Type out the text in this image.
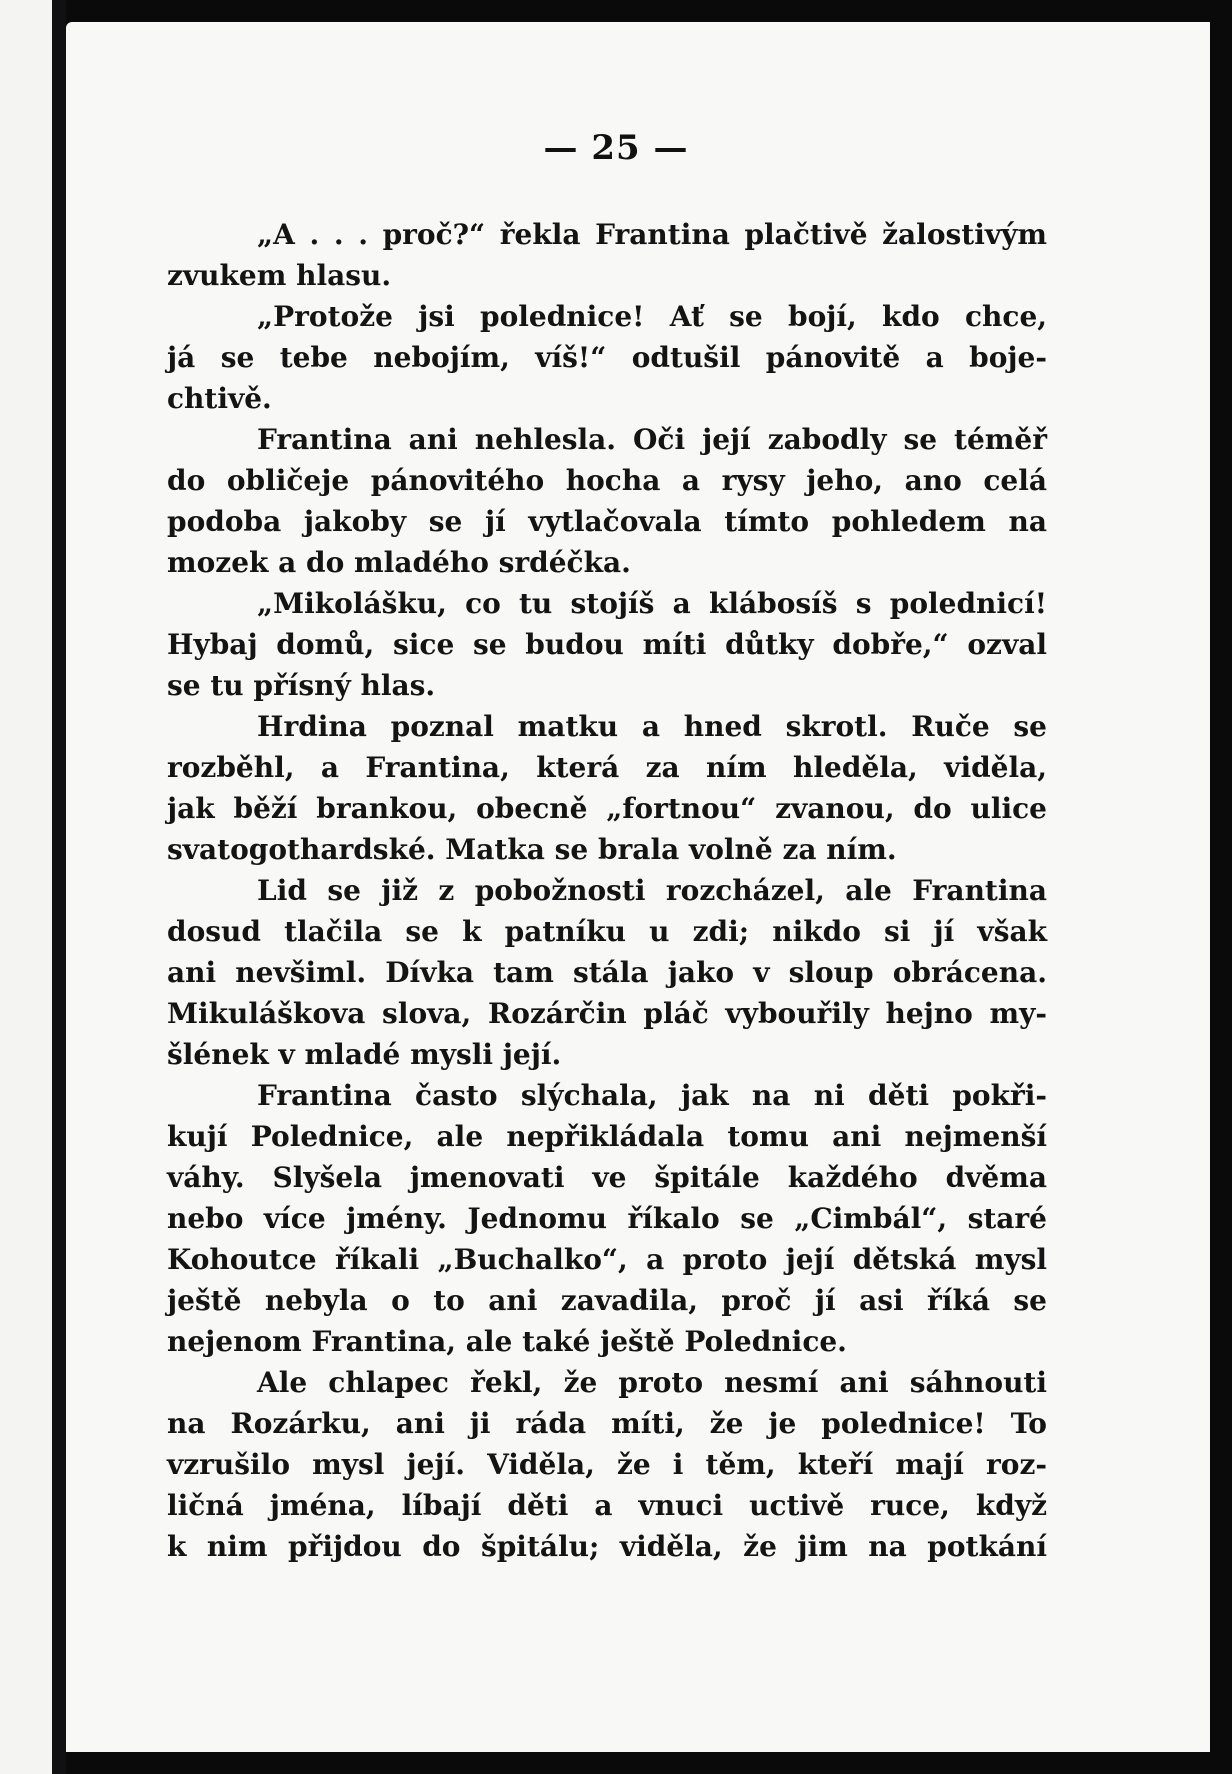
— 25 —
„A . . . proč?“ řekla Frantina plačtivě žalostivým
zvukem hlasu.
„Protože jsi polednice! Ať se bojí, kdo chce,
já se tebe nebojím, víš!“ odtušil pánovitě a boje-
chtivě.
Frantina ani nehlesla. Oči její zabodly se téměř
do obličeje pánovitého hocha a rysy jeho, ano celá
podoba jakoby se jí vytlačovala tímto pohledem na
mozek a do mladého srdéčka.
„Mikolášku, co tu stojíš a klábosíš s polednicí!
Hybaj domů, sice se budou míti důtky dobře,“ ozval
se tu přísný hlas.
Hrdina poznal matku a hned skrotl. Ruče se
rozběhl, a Frantina, která za ním hleděla, viděla,
jak běží brankou, obecně „fortnou“ zvanou, do ulice
svatogothardské. Matka se brala volně za ním.
Lid se již z pobožnosti rozcházel, ale Frantina
dosud tlačila se k patníku u zdi; nikdo si jí však
ani nevšiml. Dívka tam stála jako v sloup obrácena.
Mikuláškova slova, Rozárčin pláč vybouřily hejno my-
šlének v mladé mysli její.
Frantina často slýchala, jak na ni děti pokři-
kují Polednice, ale nepřikládala tomu ani nejmenší
váhy. Slyšela jmenovati ve špitále každého dvěma
nebo více jmény. Jednomu říkalo se „Cimbál“, staré
Kohoutce říkali „Buchalko“, a proto její dětská mysl
ještě nebyla o to ani zavadila, proč jí asi říká se
nejenom Frantina, ale také ještě Polednice.
Ale chlapec řekl, že proto nesmí ani sáhnouti
na Rozárku, ani ji ráda míti, že je polednice! To
vzrušilo mysl její. Viděla, že i těm, kteří mají roz-
ličná jména, líbají děti a vnuci uctivě ruce, když
k nim přijdou do špitálu; viděla, že jim na potkání
